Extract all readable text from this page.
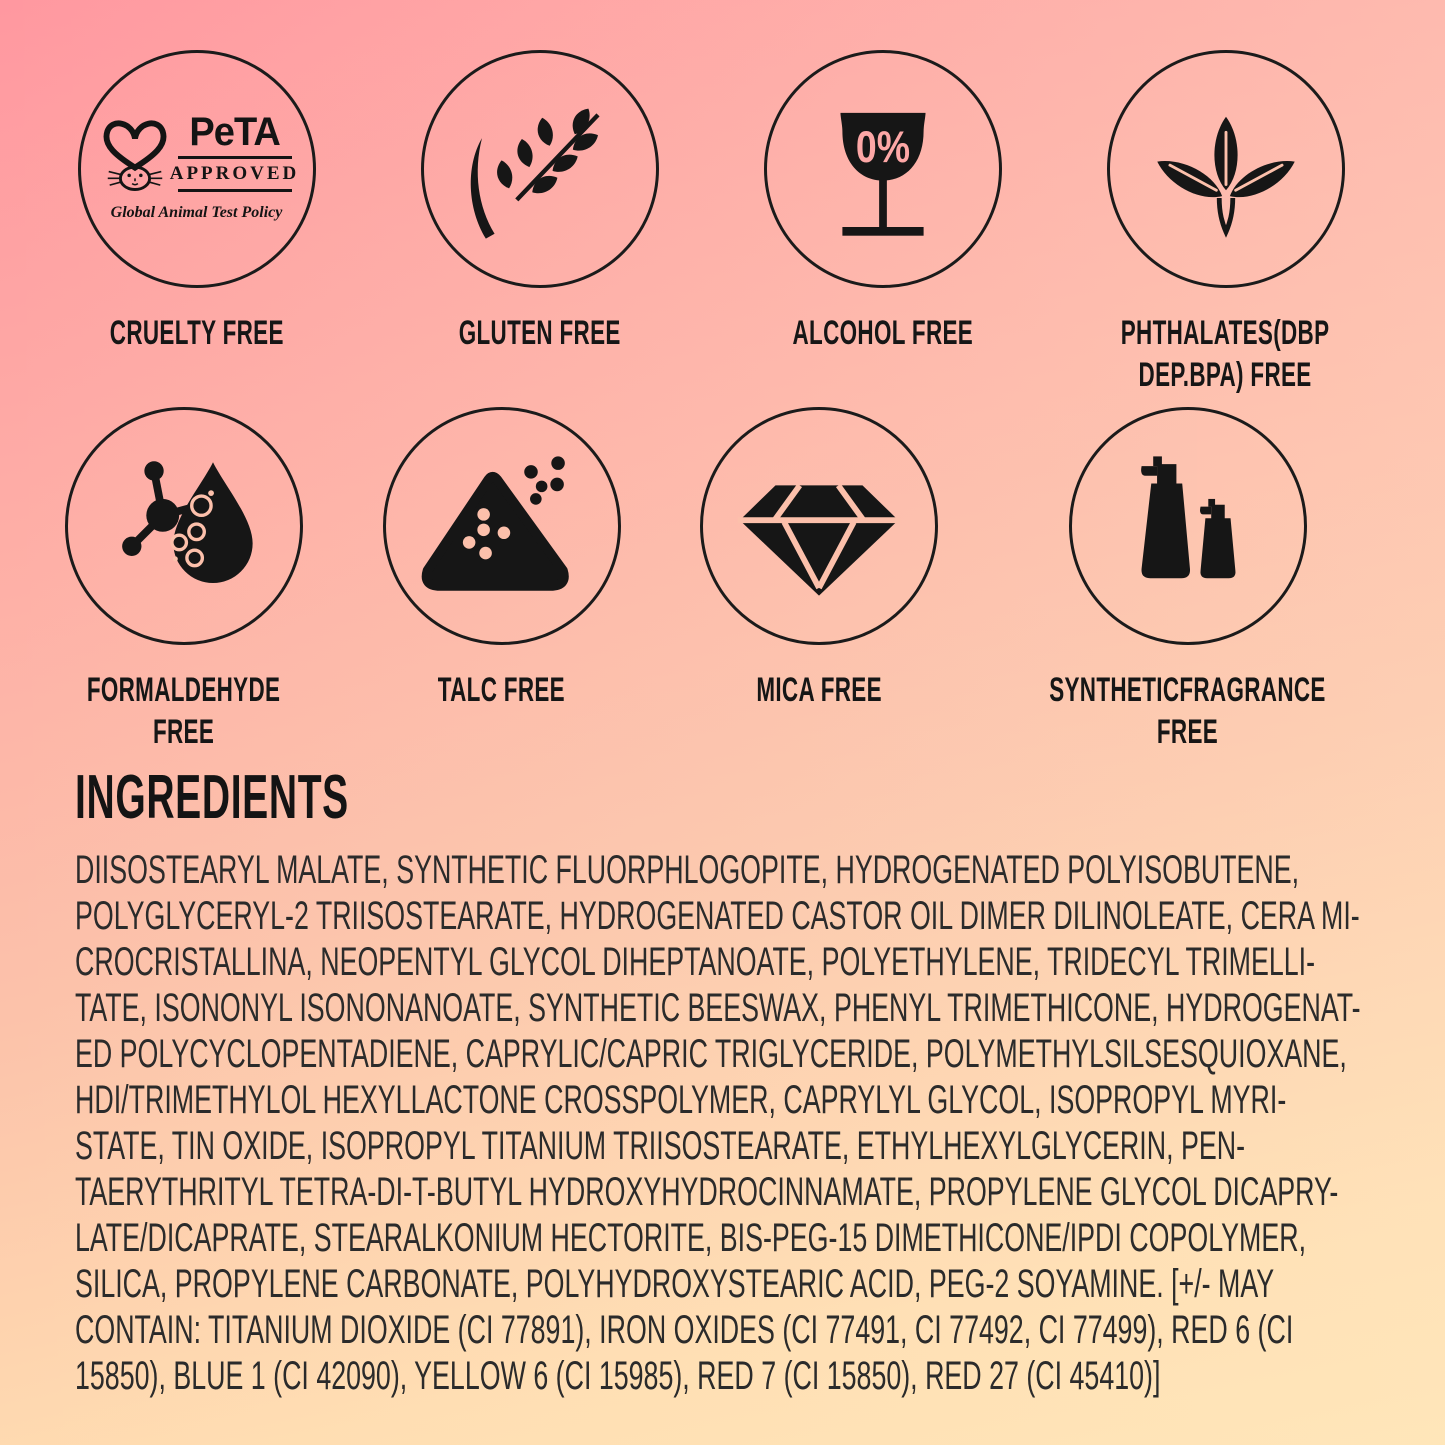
PeTA
APPROVED
Global Animal Test Policy
CRUELTY FREE	GLUTEN FREE
0%
ALCOHOL FREE	PHTHALATES(DBP
DEP.BPA) FREE
FORMALDEHYDE
FREE
TALC FREE	MICA FREE	SYNTHETICFRAGRANCE
FREE
INGREDIENTS
DIISOSTEARYL MALATE, SYNTHETIC FLUORPHLOGOPITE, HYDROGENATED POLYISOBUTENE,
POLYGLYCERYL-2 TRIISOSTEARATE, HYDROGENATED CASTOR OIL DIMER DILINOLEATE, CERA MI-
CROCRISTALLINA, NEOPENTYL GLYCOL DIHEPTANOATE, POLYETHYLENE, TRIDECYL TRIMELLI-
TATE, ISONONYL ISONONANOATE, SYNTHETIC BEESWAX, PHENYL TRIMETHICONE, HYDROGENAT-
ED POLYCYCLOPENTADIENE, CAPRYLIC/CAPRIC TRIGLYCERIDE, POLYMETHYLSILSESQUIOXANE,
HDI/TRIMETHYLOL HEXYLLACTONE CROSSPOLYMER, CAPRYLYL GLYCOL, ISOPROPYL MYRI-
STATE, TIN OXIDE, ISOPROPYL TITANIUM TRIISOSTEARATE, ETHYLHEXYLGLYCERIN, PEN-
TAERYTHRITYL TETRA-DI-T-BUTYL HYDROXYHYDROCINNAMATE, PROPYLENE GLYCOL DICAPRY-
LATE/DICAPRATE, STEARALKONIUM HECTORITE, BIS-PEG-15 DIMETHICONE/IPDI COPOLYMER,
SILICA, PROPYLENE CARBONATE, POLYHYDROXYSTEARIC ACID, PEG-2 SOYAMINE. [+/- MAY
CONTAIN: TITANIUM DIOXIDE (CI 77891), IRON OXIDES (CI 77491, CI 77492, CI 77499), RED 6 (CI
15850), BLUE 1 (CI 42090), YELLOW 6 (CI 15985), RED 7 (CI 15850), RED 27 (CI 45410)]
